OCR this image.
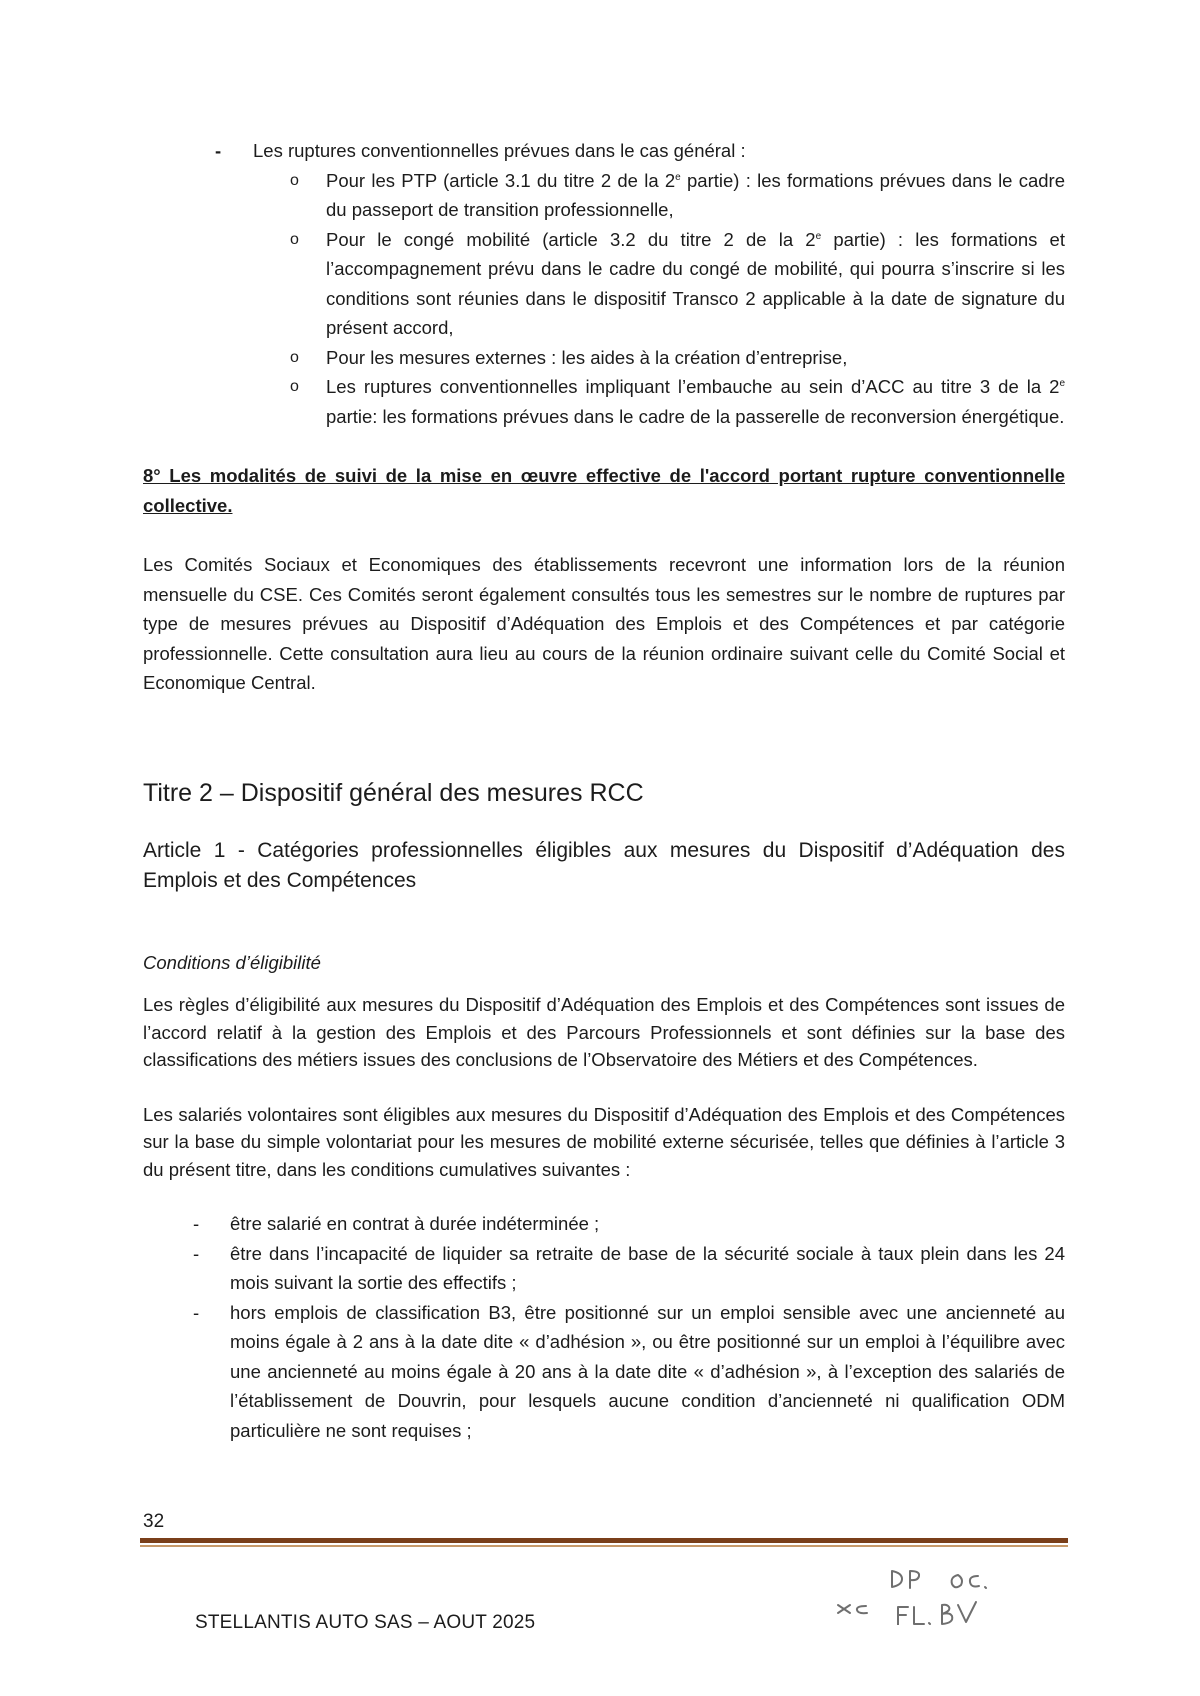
- Les ruptures conventionnelles prévues dans le cas général :
o Pour les PTP (article 3.1 du titre 2 de la 2e partie) : les formations prévues dans le cadre du passeport de transition professionnelle,
o Pour le congé mobilité (article 3.2 du titre 2 de la 2e partie) : les formations et l’accompagnement prévu dans le cadre du congé de mobilité, qui pourra s’inscrire si les conditions sont réunies dans le dispositif Transco 2 applicable à la date de signature du présent accord,
o Pour les mesures externes : les aides à la création d’entreprise,
o Les ruptures conventionnelles impliquant l’embauche au sein d’ACC au titre 3 de la 2e partie: les formations prévues dans le cadre de la passerelle de reconversion énergétique.
8° Les modalités de suivi de la mise en œuvre effective de l'accord portant rupture conventionnelle collective.
Les Comités Sociaux et Economiques des établissements recevront une information lors de la réunion mensuelle du CSE. Ces Comités seront également consultés tous les semestres sur le nombre de ruptures par type de mesures prévues au Dispositif d’Adéquation des Emplois et des Compétences et par catégorie professionnelle. Cette consultation aura lieu au cours de la réunion ordinaire suivant celle du Comité Social et Economique Central.
Titre 2 – Dispositif général des mesures RCC
Article 1 - Catégories professionnelles éligibles aux mesures du Dispositif d’Adéquation des Emplois et des Compétences
Conditions d’éligibilité
Les règles d’éligibilité aux mesures du Dispositif d’Adéquation des Emplois et des Compétences sont issues de l’accord relatif à la gestion des Emplois et des Parcours Professionnels et sont définies sur la base des classifications des métiers issues des conclusions de l’Observatoire des Métiers et des Compétences.
Les salariés volontaires sont éligibles aux mesures du Dispositif d’Adéquation des Emplois et des Compétences sur la base du simple volontariat pour les mesures de mobilité externe sécurisée, telles que définies à l’article 3 du présent titre, dans les conditions cumulatives suivantes :
- être salarié en contrat à durée indéterminée ;
- être dans l’incapacité de liquider sa retraite de base de la sécurité sociale à taux plein dans les 24 mois suivant la sortie des effectifs ;
- hors emplois de classification B3, être positionné sur un emploi sensible avec une ancienneté au moins égale à 2 ans à la date dite « d’adhésion », ou être positionné sur un emploi à l’équilibre avec une ancienneté au moins égale à 20 ans à la date dite « d’adhésion », à l’exception des salariés de l’établissement de Douvrin, pour lesquels aucune condition d’ancienneté ni qualification ODM particulière ne sont requises ;
32
STELLANTIS AUTO SAS – AOUT 2025
